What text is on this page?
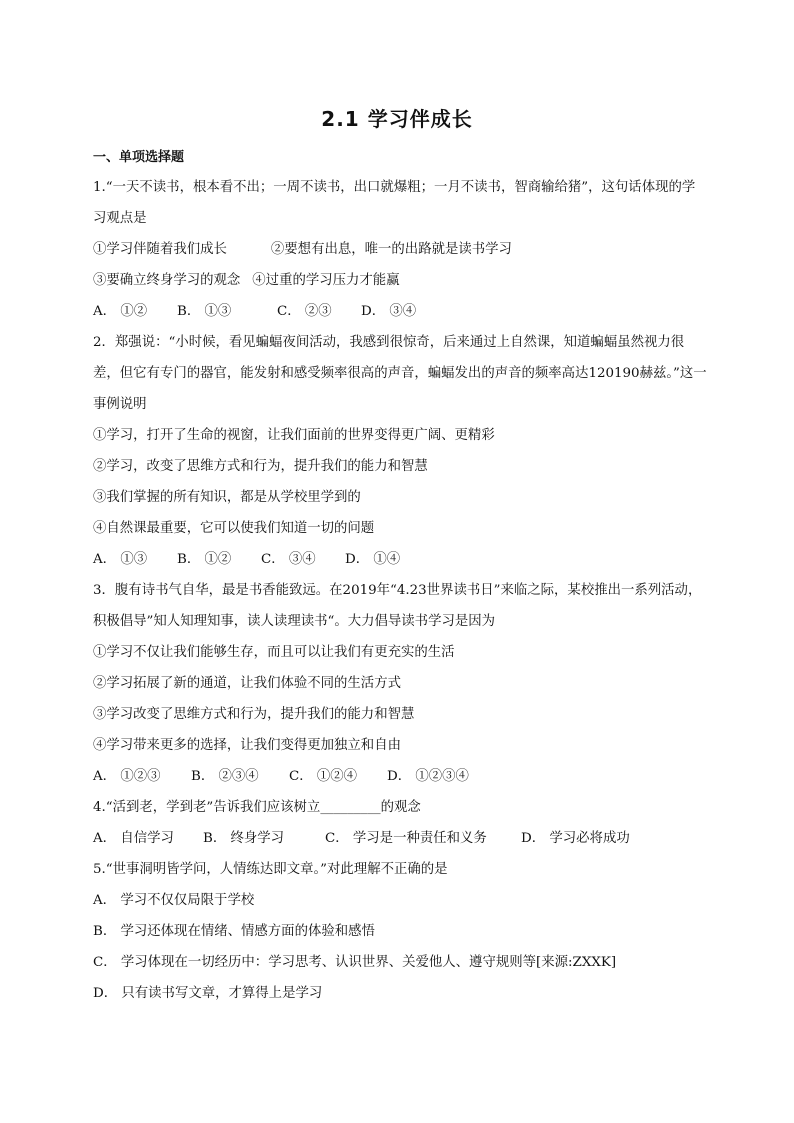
2.1 学习伴成长
一、单项选择题
1.“一天不读书，根本看不出；一周不读书，出口就爆粗；一月不读书，智商输给猪”，这句话体现的学习观点是
①学习伴随着我们成长	②要想有出息，唯一的出路就是读书学习
③要确立终身学习的观念 ④过重的学习压力才能赢
A． ①② B． ①③	C． ②③ D． ③④
2．郑强说：“小时候，看见蝙蝠夜间活动，我感到很惊奇，后来通过上自然课，知道蝙蝠虽然视力很差，但它有专门的器官，能发射和感受频率很高的声音，蝙蝠发出的声音的频率高达120190赫兹。”这一事例说明
①学习，打开了生命的视窗，让我们面前的世界变得更广阔、更精彩
②学习，改变了思维方式和行为，提升我们的能力和智慧
③我们掌握的所有知识，都是从学校里学到的
④自然课最重要，它可以使我们知道一切的问题
A． ①③ B． ①② C． ③④ D． ①④
3．腹有诗书气自华，最是书香能致远。在2019年“4.23世界读书日”来临之际，某校推出一系列活动，积极倡导”知人知理知事，读人读理读书“。大力倡导读书学习是因为
①学习不仅让我们能够生存，而且可以让我们有更充实的生活
②学习拓展了新的通道，让我们体验不同的生活方式
③学习改变了思维方式和行为，提升我们的能力和智慧
④学习带来更多的选择，让我们变得更加独立和自由
A． ①②③ B． ②③④ C． ①②④ D． ①②③④
4.“活到老，学到老”告诉我们应该树立_________的观念
A． 自信学习 B． 终身学习	C． 学习是一种责任和义务	D． 学习必将成功
5.“世事洞明皆学问，人情练达即文章。”对此理解不正确的是
A． 学习不仅仅局限于学校
B． 学习还体现在情绪、情感方面的体验和感悟
C． 学习体现在一切经历中：学习思考、认识世界、关爱他人、遵守规则等[来源:ZXXK]
D． 只有读书写文章，才算得上是学习
